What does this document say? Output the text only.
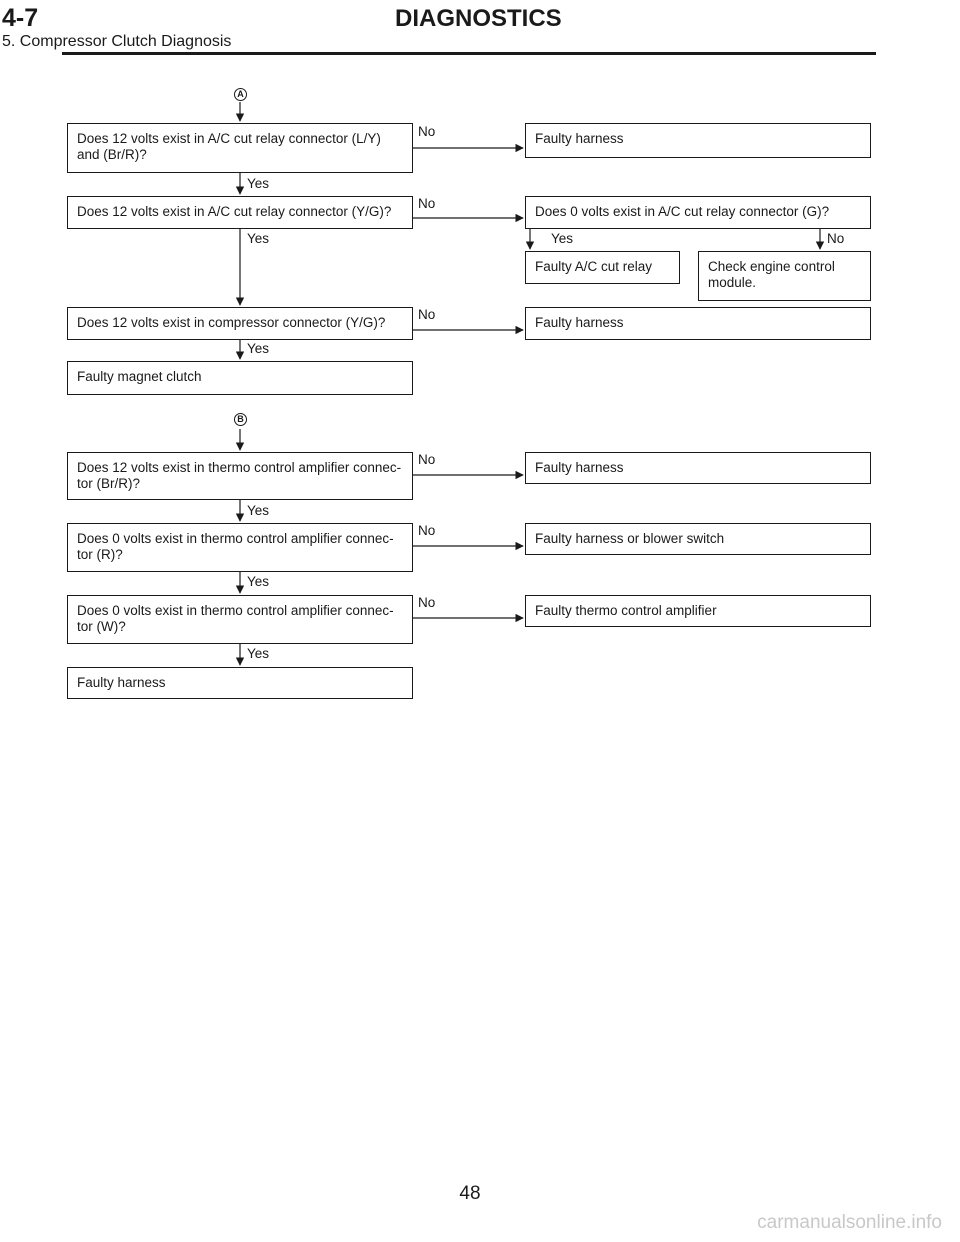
4-7	DIAGNOSTICS
5. Compressor Clutch Diagnosis
A
Does 12 volts exist in A/C cut relay connector (L/Y) and (Br/R)?
No	Faulty harness
Yes
Does 12 volts exist in A/C cut relay connector (Y/G)?
No
Does 0 volts exist in A/C cut relay connector (G)?
Yes	Yes	No
Faulty A/C cut relay	Check engine control module.
Does 12 volts exist in compressor connector (Y/G)?
No
Faulty harness
Yes
Faulty magnet clutch
B
Does 12 volts exist in thermo control amplifier connec-tor (Br/R)?
No
Faulty harness
Yes
Does 0 volts exist in thermo control amplifier connec-tor (R)?
No
Faulty harness or blower switch
Yes
Does 0 volts exist in thermo control amplifier connec-tor (W)?
No
Faulty thermo control amplifier
Yes
Faulty harness
48
carmanualsonline.info
